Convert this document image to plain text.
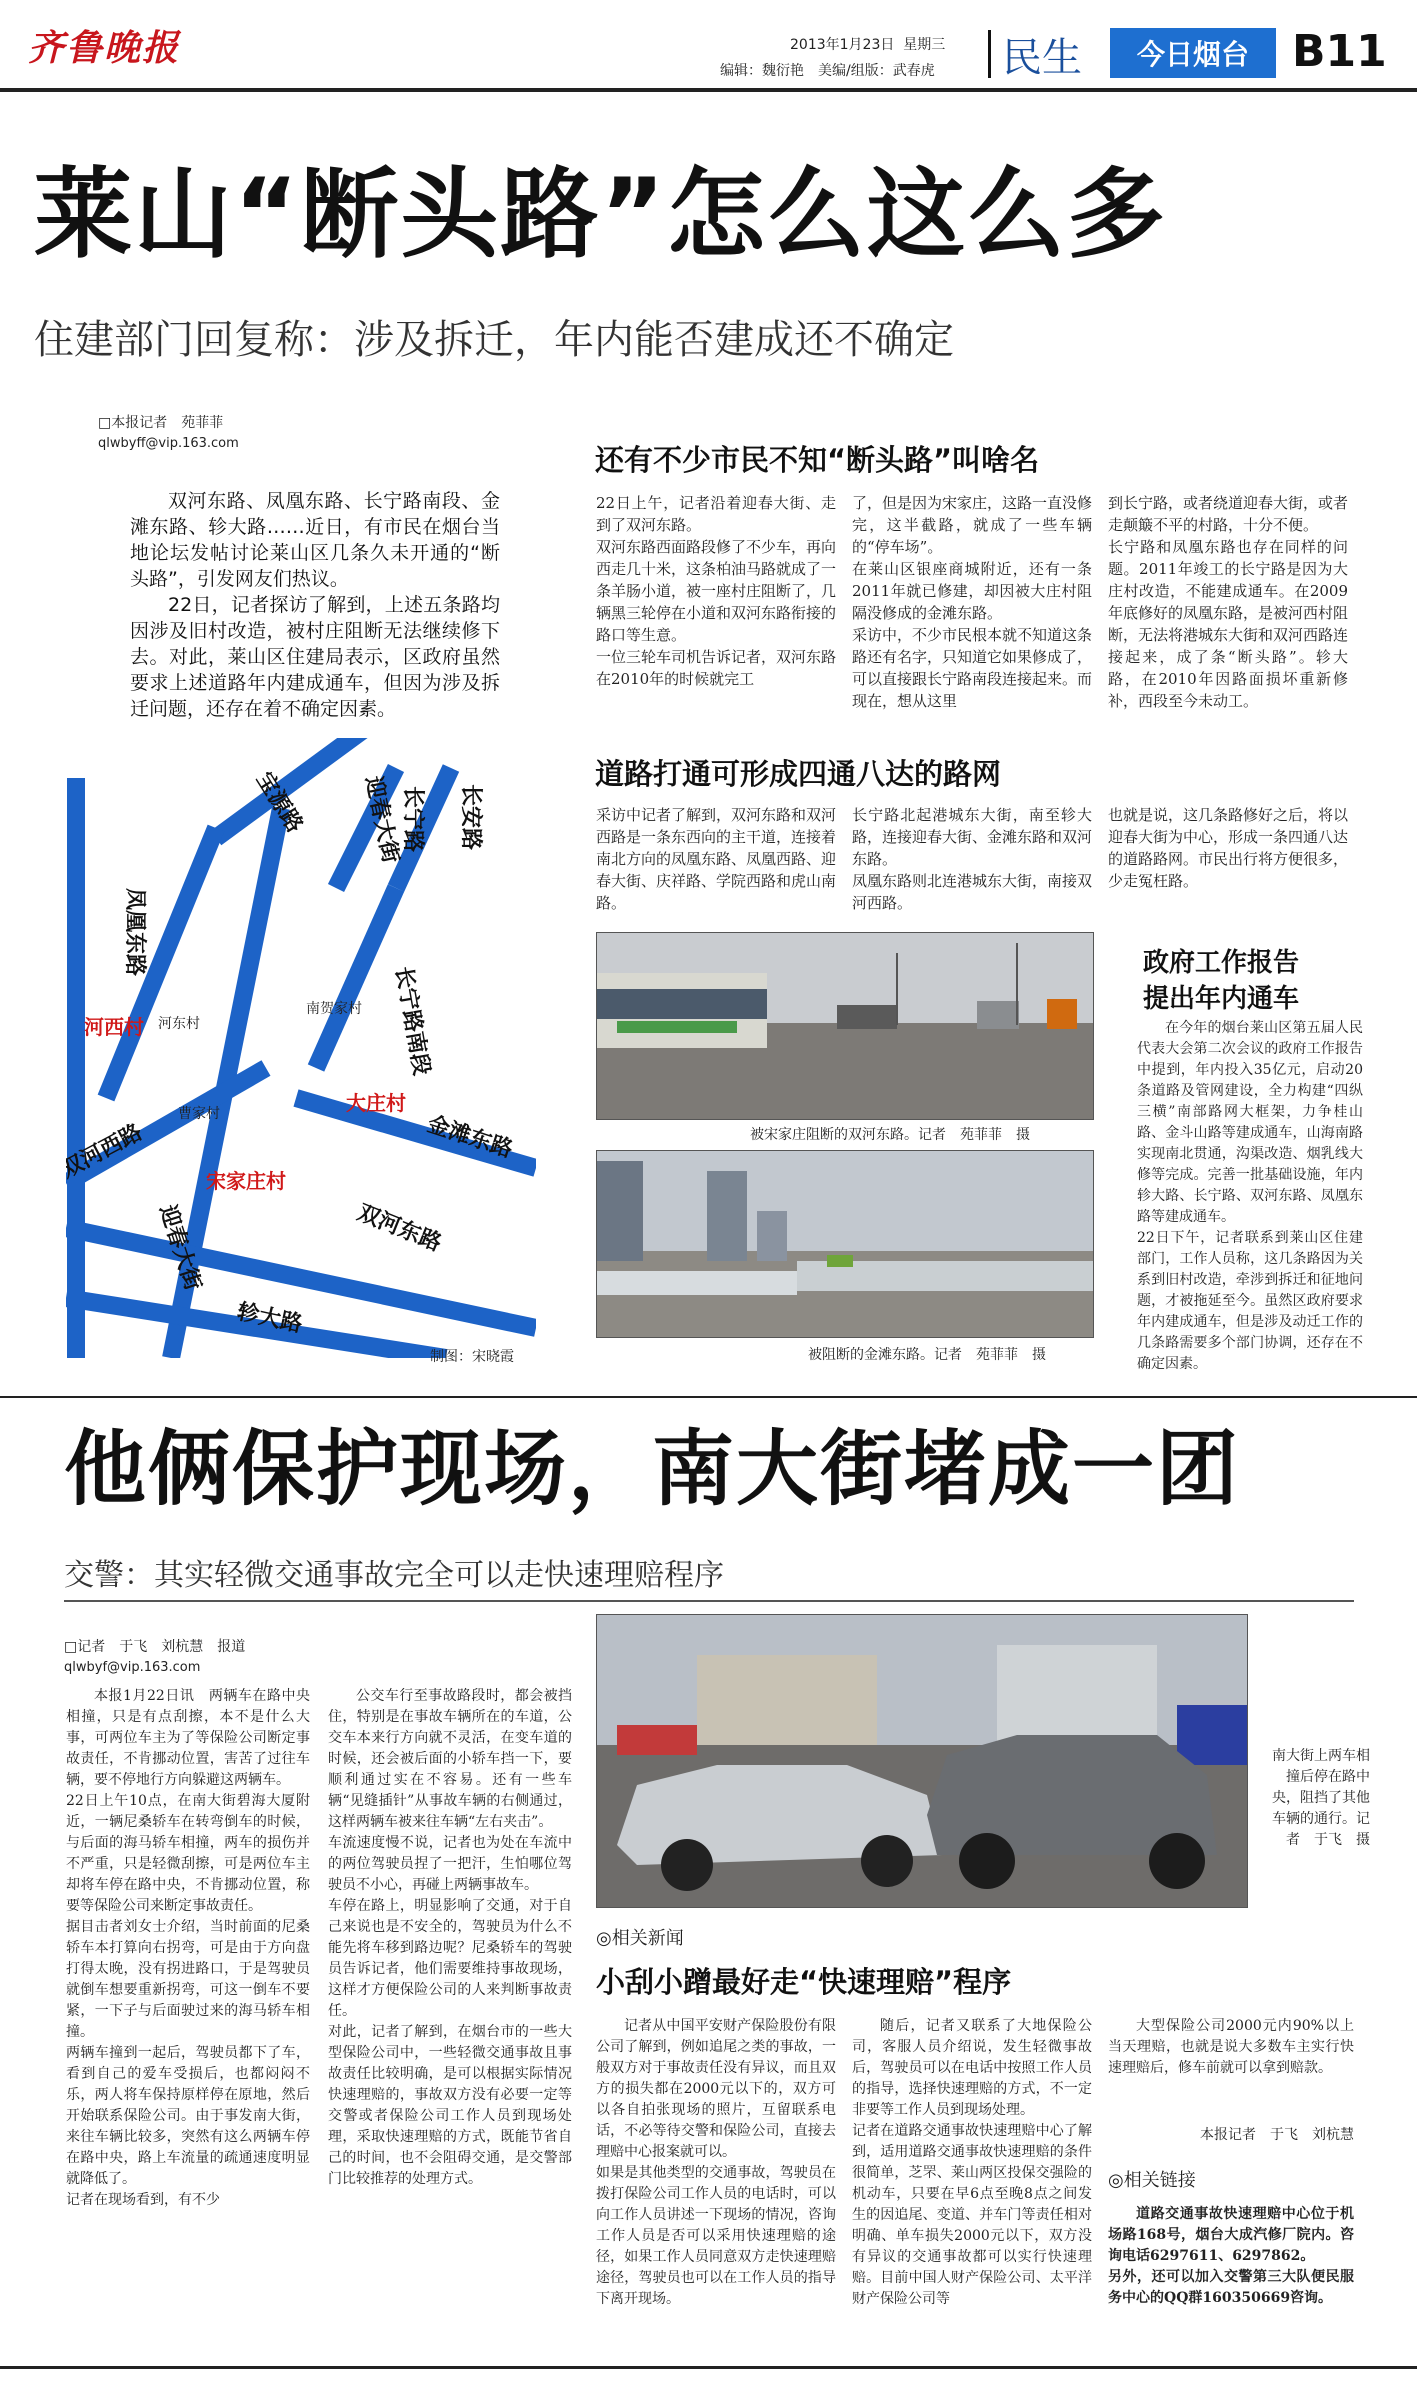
齐鲁晚报	2013年1月23日 星期三
编辑：魏衍艳　美编/组版：武春虎 民生 今日烟台 B11
莱山“断头路”怎么这么多
住建部门回复称：涉及拆迁，年内能否建成还不确定
□本报记者　苑菲菲
qlwbyff@vip.163.com

双河东路、凤凰东路、长宁路南段、金滩东路、轸大路……近日，有市民在烟台当地论坛发帖讨论莱山区几条久未开通的“断头路”，引发网友们热议。

22日，记者探访了解到，上述五条路均因涉及旧村改造，被村庄阻断无法继续修下去。对此，莱山区住建局表示，区政府虽然要求上述道路年内建成通车，但因为涉及拆迁问题，还存在着不确定因素。

宝源路 迎春大街
长宁路 长安路
凤凰东路
长宁路南段
双河西路	金滩东路
迎春大街	双河东路
轸大路
河东村
南贺家村
曹家村
河西村
大庄村
宋家庄村
制图：宋晓霞
还有不少市民不知“断头路”叫啥名
22日上午，记者沿着迎春大街、走到了双河东路。
双河东路西面路段修了不少车，再向西走几十米，这条柏油马路就成了一条羊肠小道，被一座村庄阻断了，几辆黑三轮停在小道和双河东路衔接的路口等生意。
一位三轮车司机告诉记者，双河东路在2010年的时候就完工
了，但是因为宋家庄，这路一直没修完，这半截路，就成了一些车辆的“停车场”。
在莱山区银座商城附近，还有一条2011年就已修建，却因被大庄村阻隔没修成的金滩东路。
采访中，不少市民根本就不知道这条路还有名字，只知道它如果修成了，可以直接跟长宁路南段连接起来。而现在，想从这里
到长宁路，或者绕道迎春大街，或者走颠簸不平的村路，十分不便。
长宁路和凤凰东路也存在同样的问题。2011年竣工的长宁路是因为大庄村改造，不能建成通车。在2009年底修好的凤凰东路，是被河西村阻断，无法将港城东大街和双河西路连接起来，成了条“断头路”。轸大路，在2010年因路面损坏重新修补，西段至今未动工。
道路打通可形成四通八达的路网
采访中记者了解到，双河东路和双河西路是一条东西向的主干道，连接着南北方向的凤凰东路、凤凰西路、迎春大街、庆祥路、学院西路和虎山南路。
长宁路北起港城东大街，南至轸大路，连接迎春大街、金滩东路和双河东路。
凤凰东路则北连港城东大街，南接双河西路。
也就是说，这几条路修好之后，将以迎春大街为中心，形成一条四通八达的道路路网。市民出行将方便很多，少走冤枉路。
被宋家庄阻断的双河东路。记者　苑菲菲　摄
被阻断的金滩东路。记者　苑菲菲　摄
政府工作报告
提出年内通车
在今年的烟台莱山区第五届人民代表大会第二次会议的政府工作报告中提到，年内投入35亿元，启动20条道路及管网建设，全力构建“四纵三横”南部路网大框架，力争桂山路、金斗山路等建成通车，山海南路实现南北贯通，沟渠改造、烟乳线大修等完成。完善一批基础设施，年内轸大路、长宁路、双河东路、凤凰东路等建成通车。
22日下午，记者联系到莱山区住建部门，工作人员称，这几条路因为关系到旧村改造，牵涉到拆迁和征地问题，才被拖延至今。虽然区政府要求年内建成通车，但是涉及动迁工作的几条路需要多个部门协调，还存在不确定因素。
他俩保护现场，南大街堵成一团
交警：其实轻微交通事故完全可以走快速理赔程序
□记者　于飞　刘杭慧　报道
qlwbyf@vip.163.com
本报1月22日讯　两辆车在路中央相撞，只是有点刮擦，本不是什么大事，可两位车主为了等保险公司断定事故责任，不肯挪动位置，害苦了过往车辆，要不停地行方向躲避这两辆车。
22日上午10点，在南大街碧海大厦附近，一辆尼桑轿车在转弯倒车的时候，与后面的海马轿车相撞，两车的损伤并不严重，只是轻微刮擦，可是两位车主却将车停在路中央，不肯挪动位置，称要等保险公司来断定事故责任。
据目击者刘女士介绍，当时前面的尼桑轿车本打算向右拐弯，可是由于方向盘打得太晚，没有拐进路口，于是驾驶员就倒车想要重新拐弯，可这一倒车不要紧，一下子与后面驶过来的海马轿车相撞。
两辆车撞到一起后，驾驶员都下了车，看到自己的爱车受损后，也都闷闷不乐，两人将车保持原样停在原地，然后开始联系保险公司。由于事发南大街，来往车辆比较多，突然有这么两辆车停在路中央，路上车流量的疏通速度明显就降低了。
记者在现场看到，有不少
公交车行至事故路段时，都会被挡住，特别是在事故车辆所在的车道，公交车本来行方向就不灵活，在变车道的时候，还会被后面的小轿车挡一下，要顺利通过实在不容易。还有一些车辆“见缝插针”从事故车辆的右侧通过，这样两辆车被来往车辆“左右夹击”。
车流速度慢不说，记者也为处在车流中的两位驾驶员捏了一把汗，生怕哪位驾驶员不小心，再碰上两辆事故车。
车停在路上，明显影响了交通，对于自己来说也是不安全的，驾驶员为什么不能先将车移到路边呢？尼桑轿车的驾驶员告诉记者，他们需要维持事故现场，这样才方便保险公司的人来判断事故责任。
对此，记者了解到，在烟台市的一些大型保险公司中，一些轻微交通事故且事故责任比较明确，是可以根据实际情况快速理赔的，事故双方没有必要一定等交警或者保险公司工作人员到现场处理，采取快速理赔的方式，既能节省自己的时间，也不会阻碍交通，是交警部门比较推荐的处理方式。
南大街上两车相撞后停在路中央，阻挡了其他车辆的通行。记者　于飞　摄
◎相关新闻
小刮小蹭最好走“快速理赔”程序
记者从中国平安财产保险股份有限公司了解到，例如追尾之类的事故，一般双方对于事故责任没有异议，而且双方的损失都在2000元以下的，双方可以各自拍张现场的照片，互留联系电话，不必等待交警和保险公司，直接去理赔中心报案就可以。
如果是其他类型的交通事故，驾驶员在拨打保险公司工作人员的电话时，可以向工作人员讲述一下现场的情况，咨询工作人员是否可以采用快速理赔的途径，如果工作人员同意双方走快速理赔途径，驾驶员也可以在工作人员的指导下离开现场。
随后，记者又联系了大地保险公司，客服人员介绍说，发生轻微事故后，驾驶员可以在电话中按照工作人员的指导，选择快速理赔的方式，不一定非要等工作人员到现场处理。
记者在道路交通事故快速理赔中心了解到，适用道路交通事故快速理赔的条件很简单，芝罘、莱山两区投保交强险的机动车，只要在早6点至晚8点之间发生的因追尾、变道、并车门等责任相对明确、单车损失2000元以下，双方没有异议的交通事故都可以实行快速理赔。目前中国人财产保险公司、太平洋财产保险公司等
大型保险公司2000元内90%以上当天理赔，也就是说大多数车主实行快速理赔后，修车前就可以拿到赔款。
本报记者　于飞　刘杭慧
◎相关链接
道路交通事故快速理赔中心位于机场路168号，烟台大成汽修厂院内。咨询电话6297611、6297862。
另外，还可以加入交警第三大队便民服务中心的QQ群160350669咨询。
